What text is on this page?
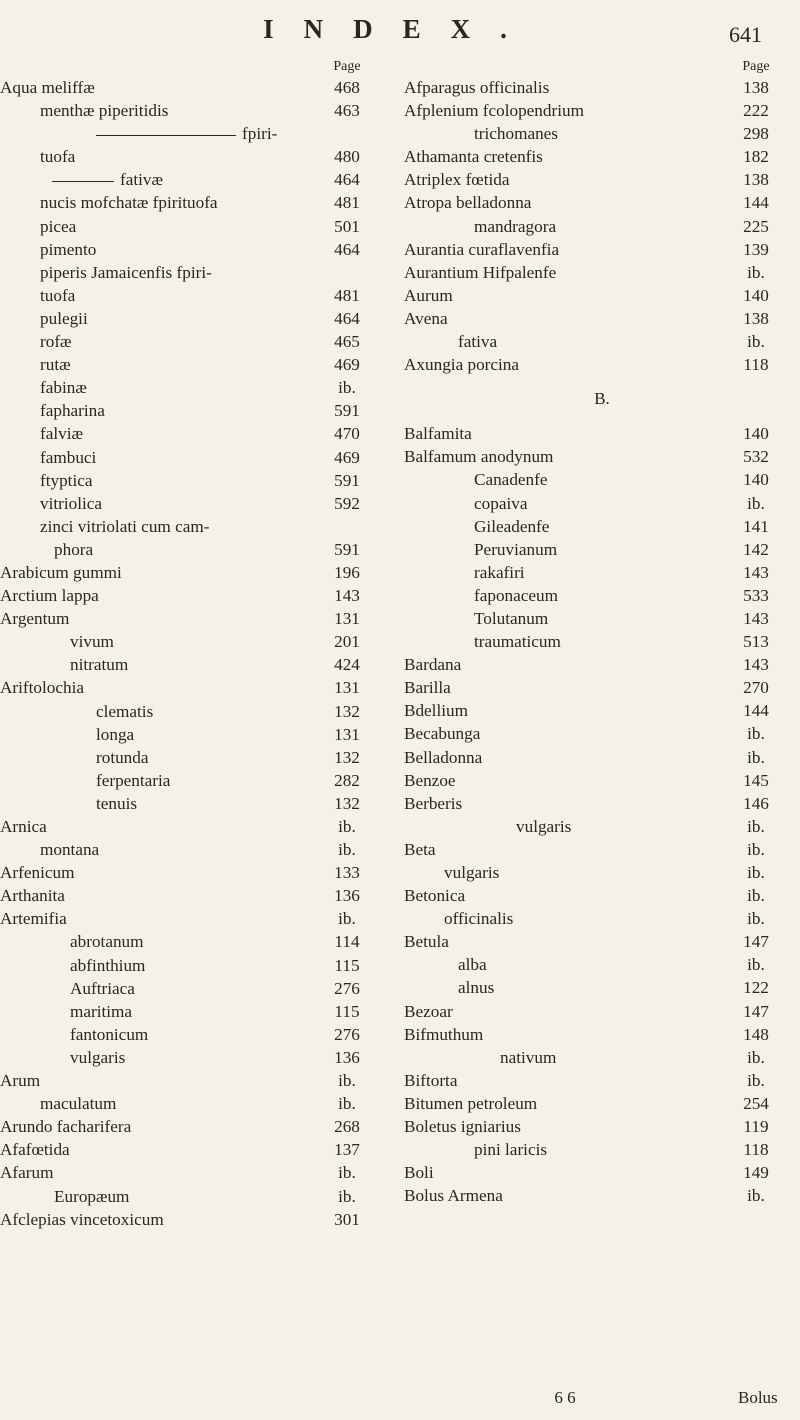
INDEX.	641
Page
Aqua meliffæ	468
menthæ piperitidis	463
fpiri-
tuofa	480
fativæ	464
nucis mofchatæ fpirituofa	481
picea	501
pimento	464
piperis Jamaicenfis fpiri-
tuofa	481
pulegii	464
rofæ	465
rutæ	469
fabinæ	ib.
fapharina	591
falviæ	470
fambuci	469
ftyptica	591
vitriolica	592
zinci vitriolati cum cam-
phora	591
Arabicum gummi	196
Arctium lappa	143
Argentum	131
vivum	201
nitratum	424
Ariftolochia	131
clematis	132
longa	131
rotunda	132
ferpentaria	282
tenuis	132
Arnica	ib.
montana	ib.
Arfenicum	133
Arthanita	136
Artemifia	ib.
abrotanum	114
abfinthium	115
Auftriaca	276
maritima	115
fantonicum	276
vulgaris	136
Arum	ib.
maculatum	ib.
Arundo facharifera	268
Afafœtida	137
Afarum	ib.
Europæum	ib.
Afclepias vincetoxicum	301
Page
Afparagus officinalis	138
Afplenium fcolopendrium	222
trichomanes	298
Athamanta cretenfis	182
Atriplex fœtida	138
Atropa belladonna	144
mandragora	225
Aurantia curaflavenfia	139
Aurantium Hifpalenfe	ib.
Aurum	140
Avena	138
fativa	ib.
Axungia porcina	118
B.
Balfamita	140
Balfamum anodynum	532
Canadenfe	140
copaiva	ib.
Gileadenfe	141
Peruvianum	142
rakafiri	143
faponaceum	533
Tolutanum	143
traumaticum	513
Bardana	143
Barilla	270
Bdellium	144
Becabunga	ib.
Belladonna	ib.
Benzoe	145
Berberis	146
vulgaris	ib.
Beta	ib.
vulgaris	ib.
Betonica	ib.
officinalis	ib.
Betula	147
alba	ib.
alnus	122
Bezoar	147
Bifmuthum	148
nativum	ib.
Biftorta	ib.
Bitumen petroleum	254
Boletus igniarius	119
pini laricis	118
Boli	149
Bolus Armena	ib.
6 6	Bolus
